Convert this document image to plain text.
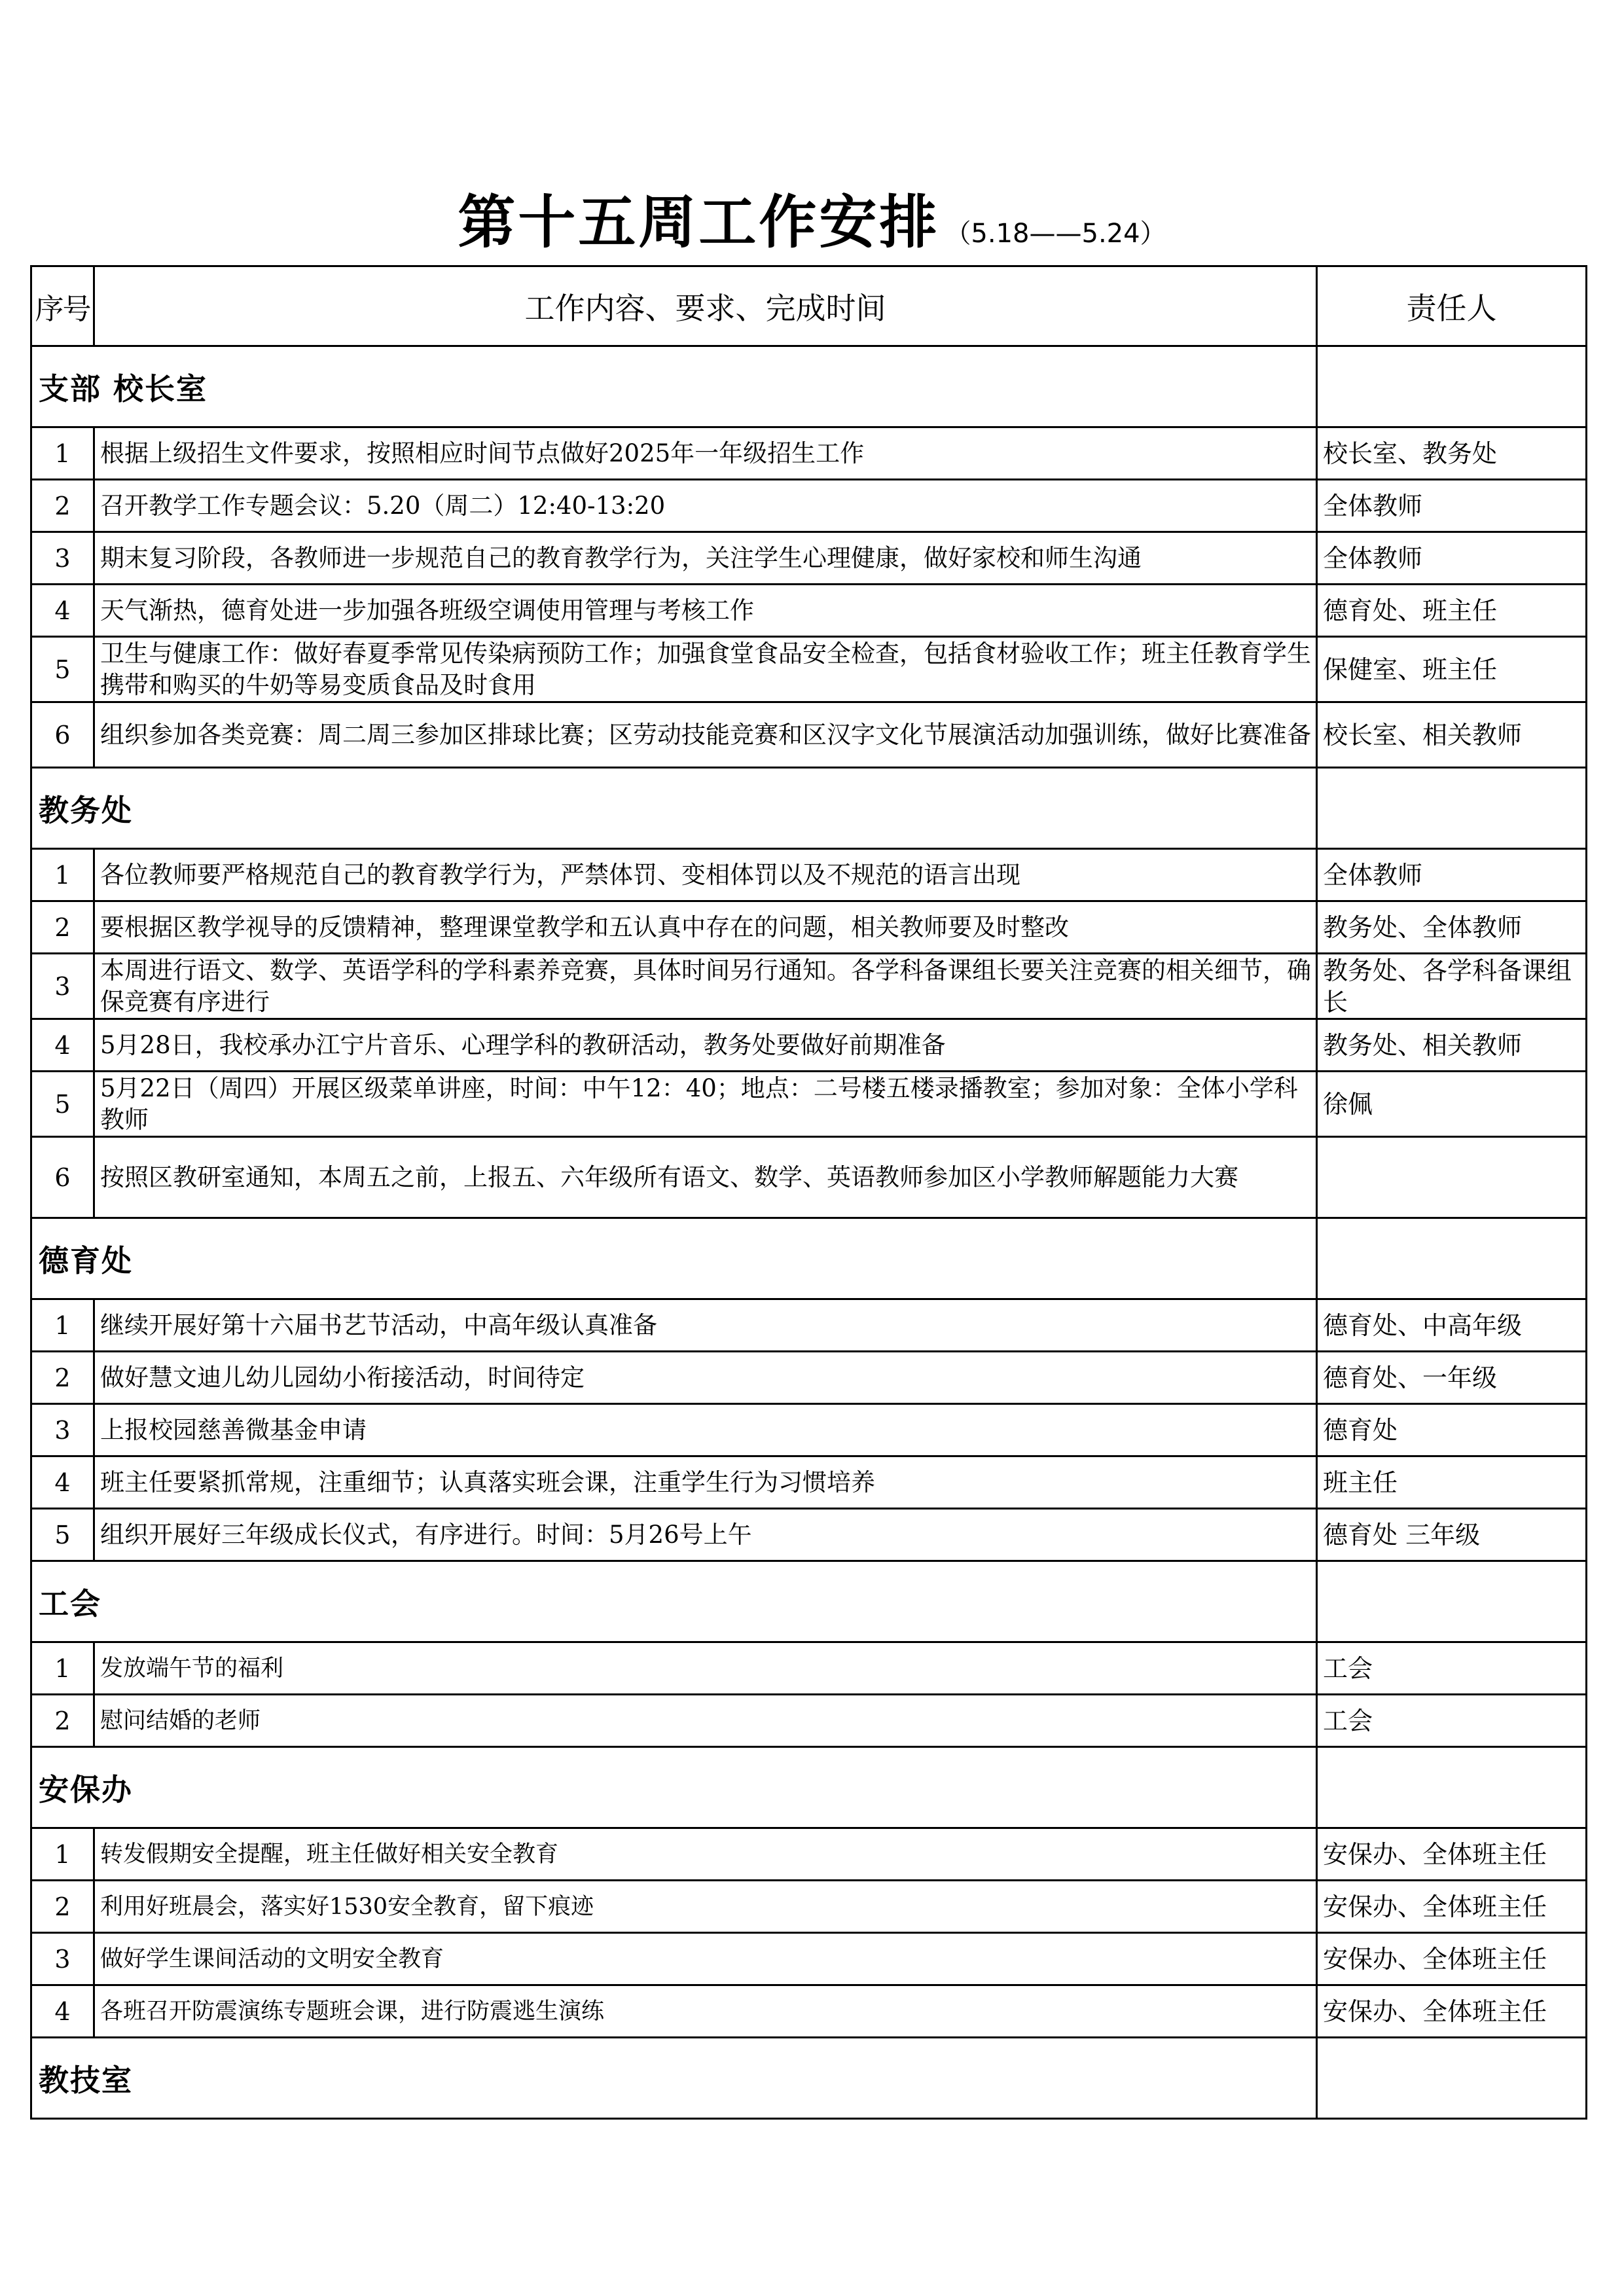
第十五周工作安排 （5.18——5.24）
序号	工作内容、要求、完成时间	责任人
支部 校长室		
1	根据上级招生文件要求，按照相应时间节点做好2025年一年级招生工作	校长室、教务处
2	召开教学工作专题会议：5.20（周二）12:40-13:20	全体教师
3	期末复习阶段，各教师进一步规范自己的教育教学行为，关注学生心理健康，做好家校和师生沟通	全体教师
4	天气渐热，德育处进一步加强各班级空调使用管理与考核工作	德育处、班主任
5	卫生与健康工作：做好春夏季常见传染病预防工作；加强食堂食品安全检查，包括食材验收工作；班主任教育学生携带和购买的牛奶等易变质食品及时食用	保健室、班主任
6	组织参加各类竞赛：周二周三参加区排球比赛；区劳动技能竞赛和区汉字文化节展演活动加强训练，做好比赛准备	校长室、相关教师
教务处		
1	各位教师要严格规范自己的教育教学行为，严禁体罚、变相体罚以及不规范的语言出现	全体教师
2	要根据区教学视导的反馈精神，整理课堂教学和五认真中存在的问题，相关教师要及时整改	教务处、全体教师
3	本周进行语文、数学、英语学科的学科素养竞赛，具体时间另行通知。各学科备课组长要关注竞赛的相关细节，确保竞赛有序进行	教务处、各学科备课组长
4	5月28日，我校承办江宁片音乐、心理学科的教研活动，教务处要做好前期准备	教务处、相关教师
5	5月22日（周四）开展区级菜单讲座，时间：中午12：40；地点：二号楼五楼录播教室；参加对象：全体小学科教师	徐佩
6	按照区教研室通知，本周五之前，上报五、六年级所有语文、数学、英语教师参加区小学教师解题能力大赛	
德育处		
1	继续开展好第十六届书艺节活动，中高年级认真准备	德育处、中高年级
2	做好慧文迪儿幼儿园幼小衔接活动，时间待定	德育处、一年级
3	上报校园慈善微基金申请	德育处
4	班主任要紧抓常规，注重细节；认真落实班会课，注重学生行为习惯培养	班主任
5	组织开展好三年级成长仪式，有序进行。时间：5月26号上午	德育处 三年级
工会		
1	发放端午节的福利	工会
2	慰问结婚的老师	工会
安保办		
1	转发假期安全提醒，班主任做好相关安全教育	安保办、全体班主任
2	利用好班晨会，落实好1530安全教育，留下痕迹	安保办、全体班主任
3	做好学生课间活动的文明安全教育	安保办、全体班主任
4	各班召开防震演练专题班会课，进行防震逃生演练	安保办、全体班主任
教技室		
